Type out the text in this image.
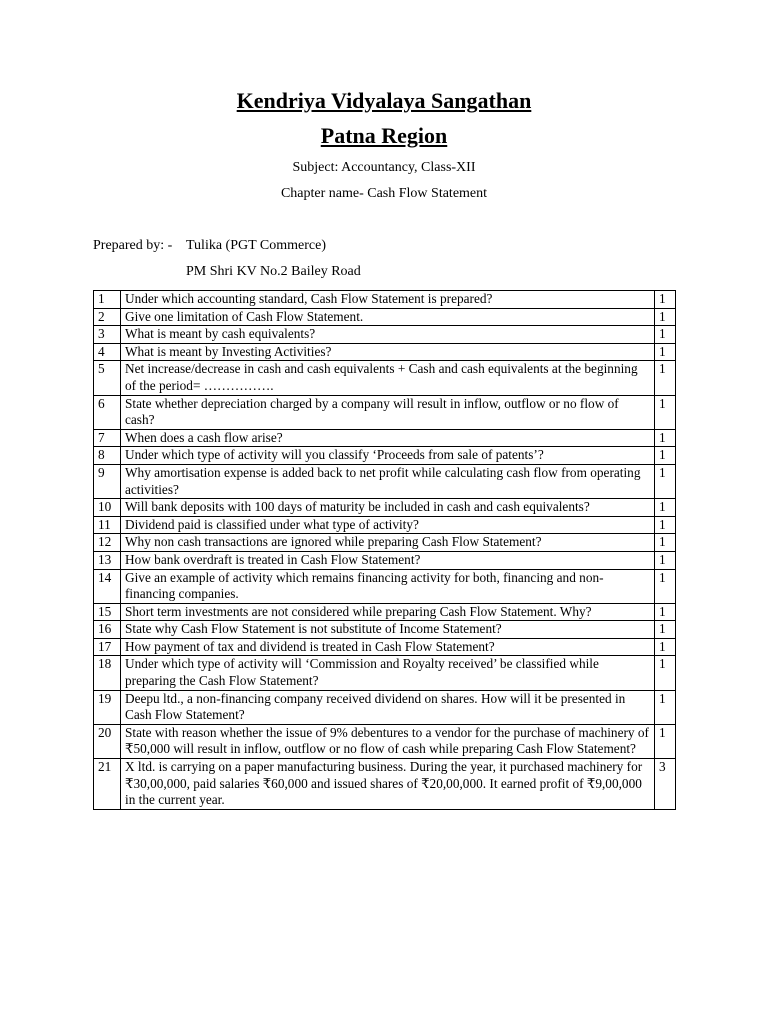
Kendriya Vidyalaya Sangathan
Patna Region
Subject: Accountancy, Class-XII
Chapter name- Cash Flow Statement
Prepared by: - Tulika (PGT Commerce)
PM Shri KV No.2 Bailey Road
1	Under which accounting standard, Cash Flow Statement is prepared?	1
2	Give one limitation of Cash Flow Statement.	1
3	What is meant by cash equivalents?	1
4	What is meant by Investing Activities?	1
5	Net increase/decrease in cash and cash equivalents + Cash and cash equivalents at the beginning of the period= …………….	1
6	State whether depreciation charged by a company will result in inflow, outflow or no flow of cash?	1
7	When does a cash flow arise?	1
8	Under which type of activity will you classify ‘Proceeds from sale of patents’?	1
9	Why amortisation expense is added back to net profit while calculating cash flow from operating activities?	1
10	Will bank deposits with 100 days of maturity be included in cash and cash equivalents?	1
11	Dividend paid is classified under what type of activity?	1
12	Why non cash transactions are ignored while preparing Cash Flow Statement?	1
13	How bank overdraft is treated in Cash Flow Statement?	1
14	Give an example of activity which remains financing activity for both, financing and non-financing companies.	1
15	Short term investments are not considered while preparing Cash Flow Statement. Why?	1
16	State why Cash Flow Statement is not substitute of Income Statement?	1
17	How payment of tax and dividend is treated in Cash Flow Statement?	1
18	Under which type of activity will ‘Commission and Royalty received’ be classified while preparing the Cash Flow Statement?	1
19	Deepu ltd., a non-financing company received dividend on shares. How will it be presented in Cash Flow Statement?	1
20	State with reason whether the issue of 9% debentures to a vendor for the purchase of machinery of ₹50,000 will result in inflow, outflow or no flow of cash while preparing Cash Flow Statement?	1
21	X ltd. is carrying on a paper manufacturing business. During the year, it purchased machinery for ₹30,00,000, paid salaries ₹60,000 and issued shares of ₹20,00,000. It earned profit of ₹9,00,000 in the current year.	3
